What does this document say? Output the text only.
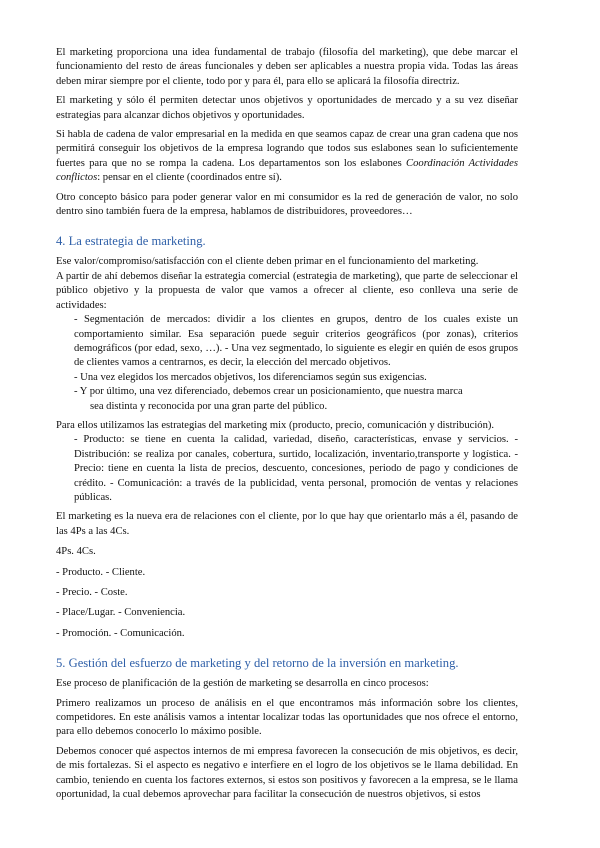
El marketing proporciona una idea fundamental de trabajo (filosofía del marketing), que debe marcar el funcionamiento del resto de áreas funcionales y deben ser aplicables a nuestra propia vida. Todas las áreas deben mirar siempre por el cliente, todo por y para él, para ello se aplicará la filosofía directriz.

El marketing y sólo él permiten detectar unos objetivos y oportunidades de mercado y a su vez diseñar estrategias para alcanzar dichos objetivos y oportunidades.

Si habla de cadena de valor empresarial en la medida en que seamos capaz de crear una gran cadena que nos permitirá conseguir los objetivos de la empresa logrando que todos sus eslabones sean lo suficientemente fuertes para que no se rompa la cadena. Los departamentos son los eslabones Coordinación Actividades conflictos: pensar en el cliente (coordinados entre sí).

Otro concepto básico para poder generar valor en mi consumidor es la red de generación de valor, no solo dentro sino también fuera de la empresa, hablamos de distribuidores, proveedores…

4. La estrategia de marketing.

Ese valor/compromiso/satisfacción con el cliente deben primar en el funcionamiento del marketing.
A partir de ahí debemos diseñar la estrategia comercial (estrategia de marketing), que parte de seleccionar el público objetivo y la propuesta de valor que vamos a ofrecer al cliente, eso conlleva una serie de actividades:

- Segmentación de mercados: dividir a los clientes en grupos, dentro de los cuales existe un comportamiento similar. Esa separación puede seguir criterios geográficos (por zonas), criterios demográficos (por edad, sexo, …). - Una vez segmentado, lo siguiente es elegir en quién de esos grupos de clientes vamos a centrarnos, es decir, la elección del mercado objetivos.
- Una vez elegidos los mercados objetivos, los diferenciamos según sus exigencias.
- Y por último, una vez diferenciado, debemos crear un posicionamiento, que nuestra marca
sea distinta y reconocida por una gran parte del público.

Para ellos utilizamos las estrategias del marketing mix (producto, precio, comunicación y distribución).

- Producto: se tiene en cuenta la calidad, variedad, diseño, características, envase y servicios. - Distribución: se realiza por canales, cobertura, surtido, localización, inventario,transporte y logística. - Precio: tiene en cuenta la lista de precios, descuento, concesiones, periodo de pago y condiciones de crédito. - Comunicación: a través de la publicidad, venta personal, promoción de ventas y relaciones públicas.

El marketing es la nueva era de relaciones con el cliente, por lo que hay que orientarlo más a él, pasando de las 4Ps a las 4Cs.

4Ps. 4Cs.
- Producto. - Cliente.
- Precio. - Coste.
- Place/Lugar. - Conveniencia.
- Promoción. - Comunicación.
5. Gestión del esfuerzo de marketing y del retorno de la inversión en marketing.

Ese proceso de planificación de la gestión de marketing se desarrolla en cinco procesos:

Primero realizamos un proceso de análisis en el que encontramos más información sobre los clientes, competidores. En este análisis vamos a intentar localizar todas las oportunidades que nos ofrece el entorno, para ello debemos conocerlo lo máximo posible.

Debemos conocer qué aspectos internos de mi empresa favorecen la consecución de mis objetivos, es decir, de mis fortalezas. Si el aspecto es negativo e interfiere en el logro de los objetivos se le llama debilidad. En cambio, teniendo en cuenta los factores externos, si estos son positivos y favorecen a la empresa, se le llama oportunidad, la cual debemos aprovechar para facilitar la consecución de nuestros objetivos, si estos
